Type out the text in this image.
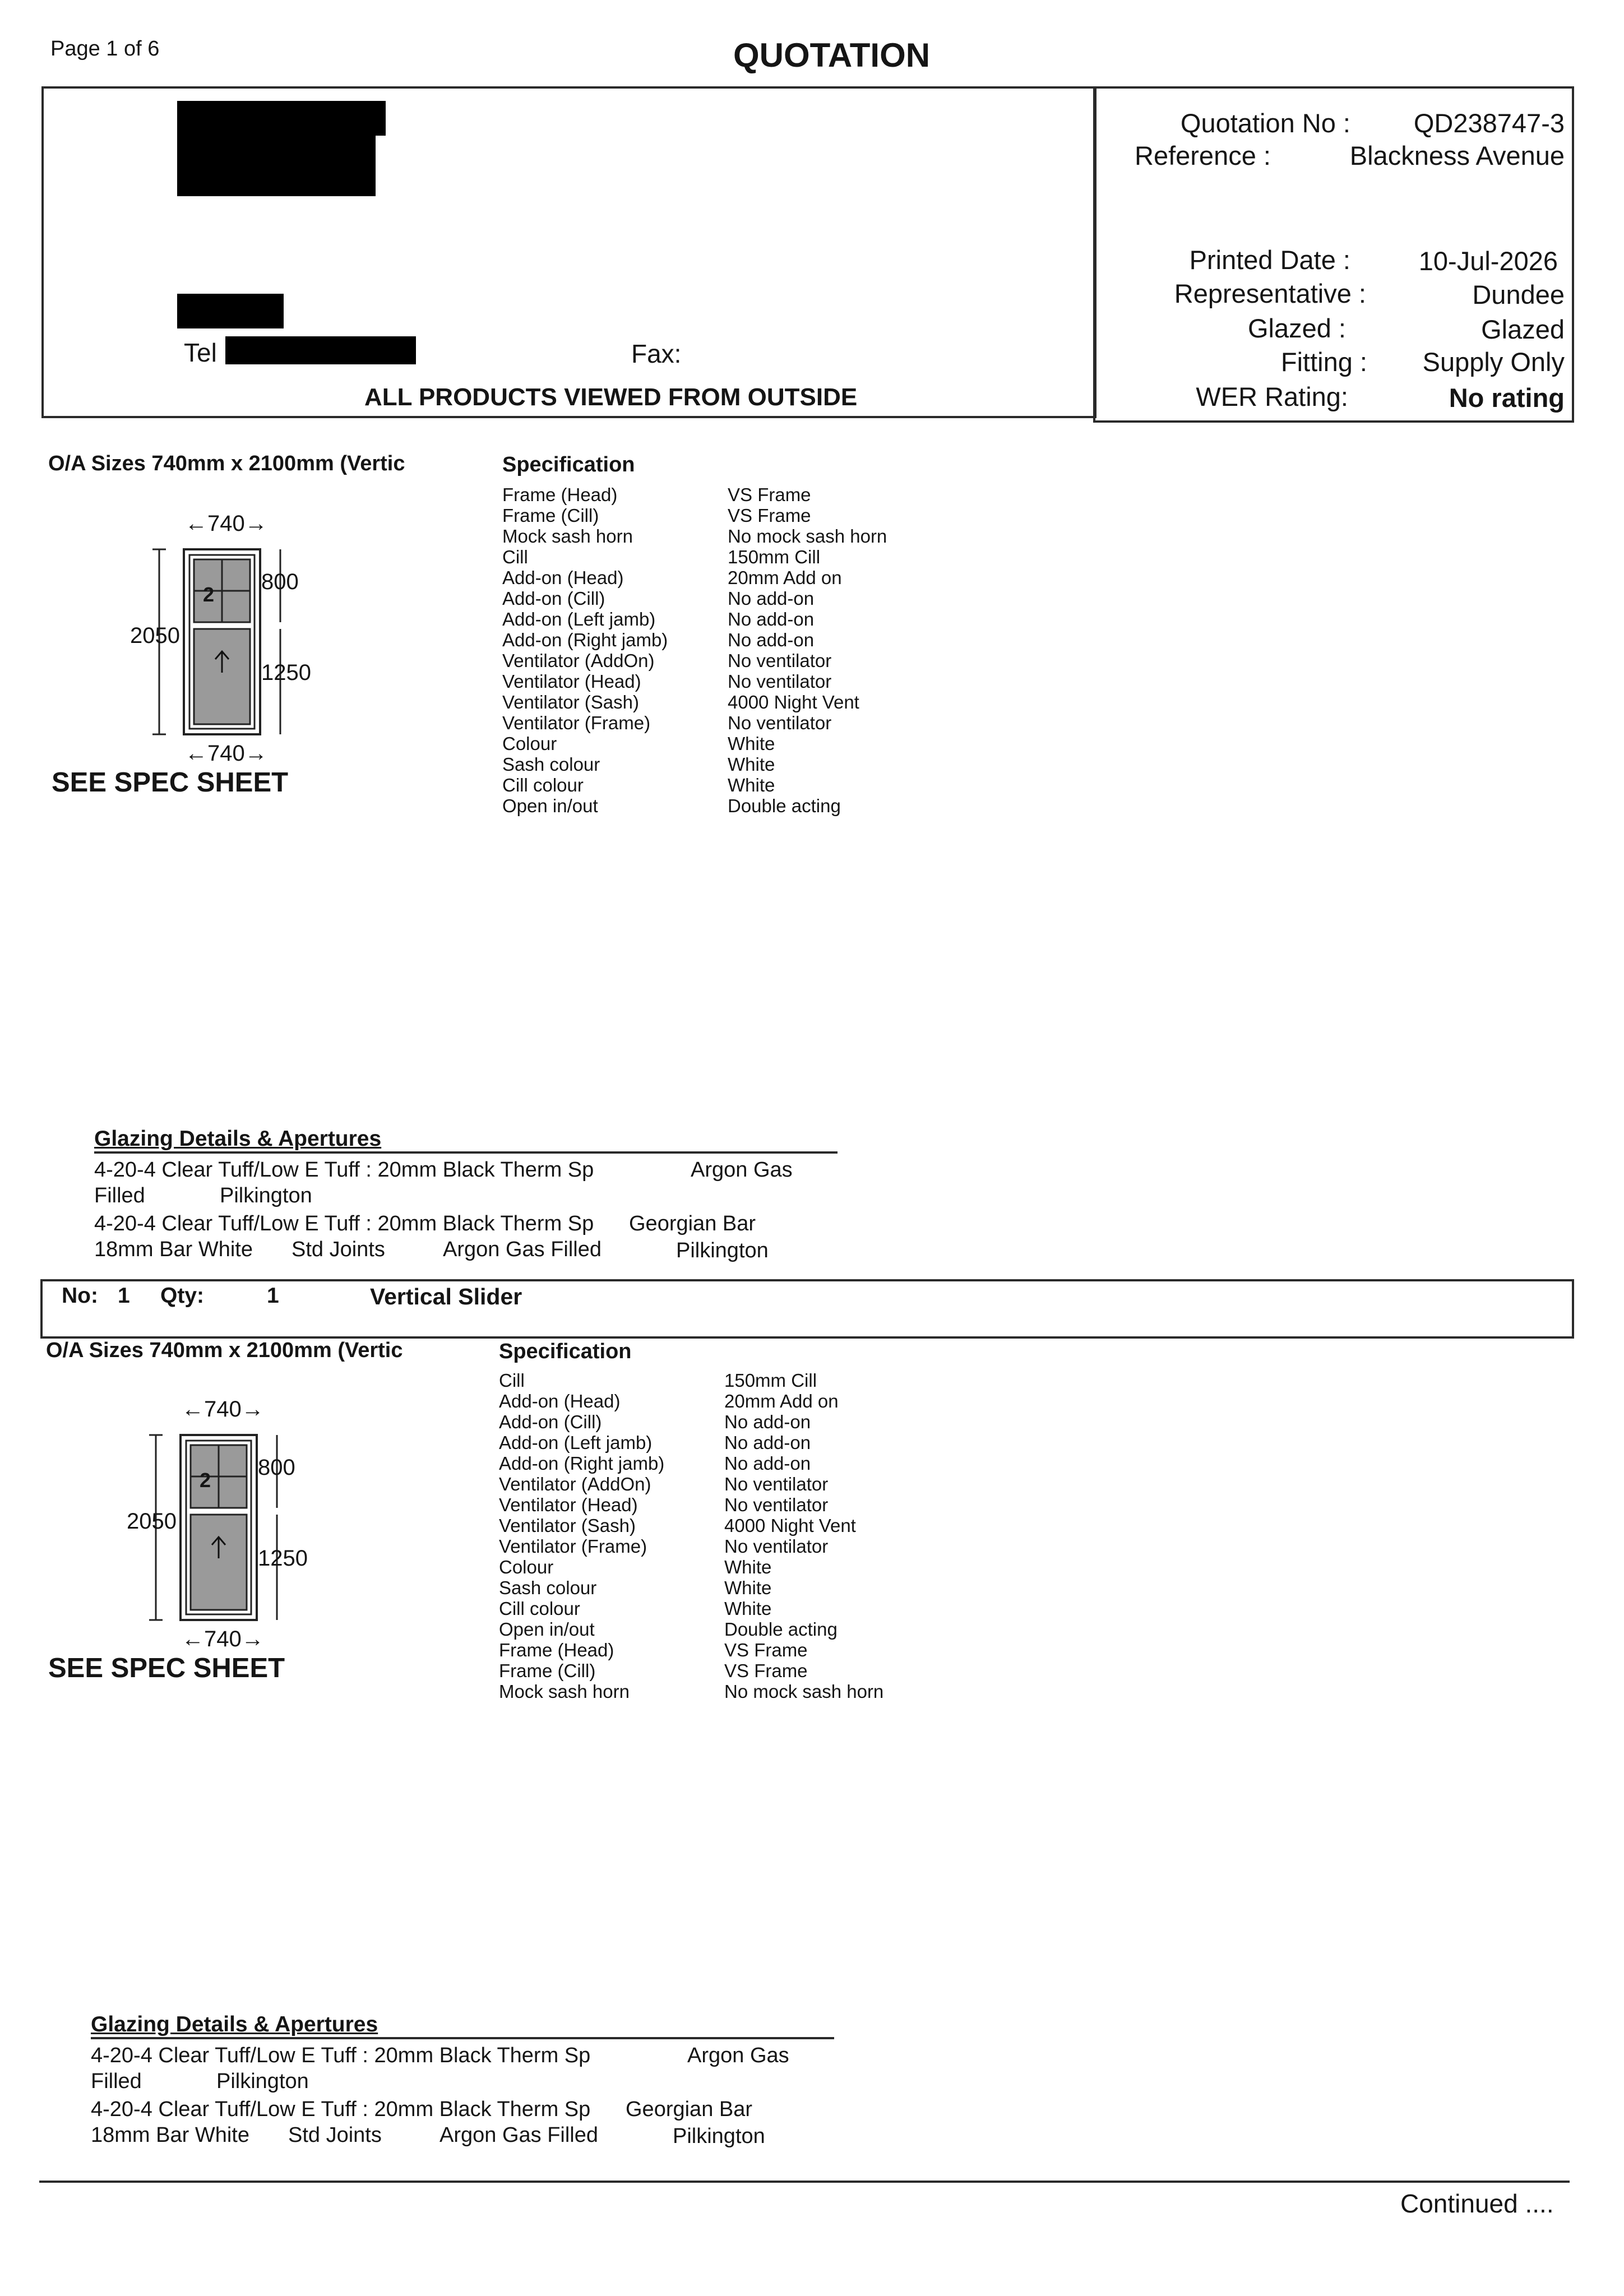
Page 1 of 6	QUOTATION
Tel	Fax:
ALL PRODUCTS VIEWED FROM OUTSIDE
Quotation No : QD238747-3
Reference :	Blackness Avenue
Printed Date :	10-Jul-2026
Representative :	Dundee
Glazed :	Glazed
Fitting : Supply Only
WER Rating:	No rating
O/A Sizes 740mm x 2100mm (Vertic	Specification
←740→
2050
800
1250
2
←740→
SEE SPEC SHEET
Frame (Head)	VS Frame
Frame (Cill)	VS Frame
Mock sash horn	No mock sash horn
Cill	150mm Cill
Add-on (Head)	20mm Add on
Add-on (Cill)	No add-on
Add-on (Left jamb)	No add-on
Add-on (Right jamb)	No add-on
Ventilator (AddOn)	No ventilator
Ventilator (Head)	No ventilator
Ventilator (Sash)	4000 Night Vent
Ventilator (Frame)	No ventilator
Colour	White
Sash colour	White
Cill colour	White
Open in/out	Double acting
Glazing Details & Apertures
4-20-4 Clear Tuff/Low E Tuff : 20mm Black Therm Sp	Argon Gas
Filled	Pilkington
4-20-4 Clear Tuff/Low E Tuff : 20mm Black Therm Sp Georgian Bar
18mm Bar White Std Joints	Argon Gas Filled	Pilkington
No: 1 Qty:	1	Vertical Slider
O/A Sizes 740mm x 2100mm (Vertic	Specification
←740→
2050
800
1250
2
←740→
SEE SPEC SHEET
Cill	150mm Cill
Add-on (Head)	20mm Add on
Add-on (Cill)	No add-on
Add-on (Left jamb)	No add-on
Add-on (Right jamb)	No add-on
Ventilator (AddOn)	No ventilator
Ventilator (Head)	No ventilator
Ventilator (Sash)	4000 Night Vent
Ventilator (Frame)	No ventilator
Colour	White
Sash colour	White
Cill colour	White
Open in/out	Double acting
Frame (Head)	VS Frame
Frame (Cill)	VS Frame
Mock sash horn	No mock sash horn
Glazing Details & Apertures
4-20-4 Clear Tuff/Low E Tuff : 20mm Black Therm Sp	Argon Gas
Filled	Pilkington
4-20-4 Clear Tuff/Low E Tuff : 20mm Black Therm Sp Georgian Bar
18mm Bar White Std Joints	Argon Gas Filled	Pilkington
Continued ....
